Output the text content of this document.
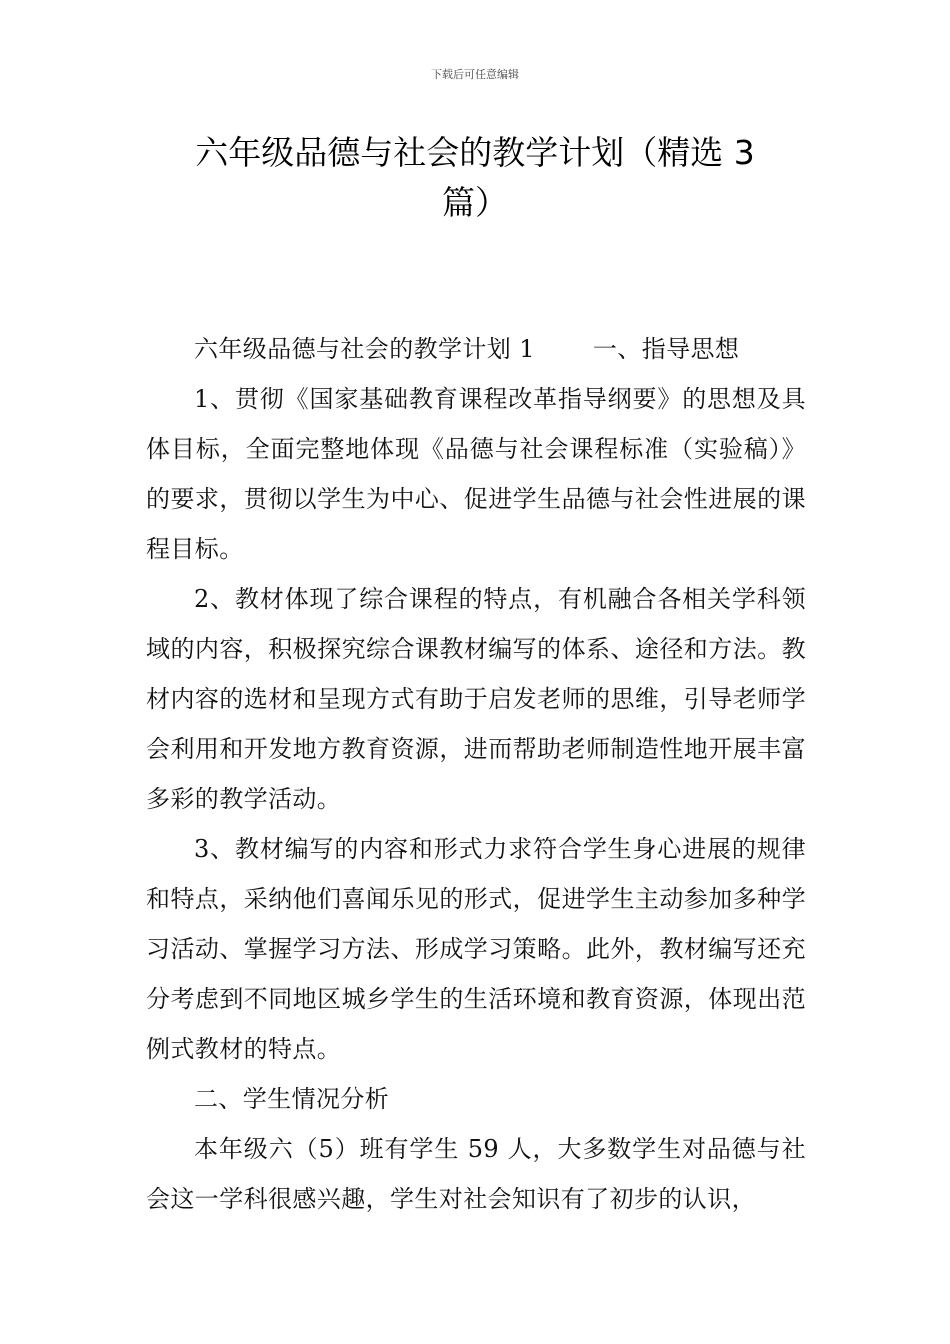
下载后可任意编辑
六年级品德与社会的教学计划（精选 3
篇）

六年级品德与社会的教学计划 1 一、指导思想

1、贯彻《国家基础教育课程改革指导纲要》的思想及具体目标，全面完整地体现《品德与社会课程标准（实验稿）》的要求，贯彻以学生为中心、促进学生品德与社会性进展的课程目标。

2、教材体现了综合课程的特点，有机融合各相关学科领域的内容，积极探究综合课教材编写的体系、途径和方法。教材内容的选材和呈现方式有助于启发老师的思维，引导老师学会利用和开发地方教育资源，进而帮助老师制造性地开展丰富多彩的教学活动。

3、教材编写的内容和形式力求符合学生身心进展的规律和特点，采纳他们喜闻乐见的形式，促进学生主动参加多种学习活动、掌握学习方法、形成学习策略。此外，教材编写还充分考虑到不同地区城乡学生的生活环境和教育资源，体现出范例式教材的特点。

二、学生情况分析

本年级六（5）班有学生 59 人，大多数学生对品德与社会这一学科很感兴趣，学生对社会知识有了初步的认识，
